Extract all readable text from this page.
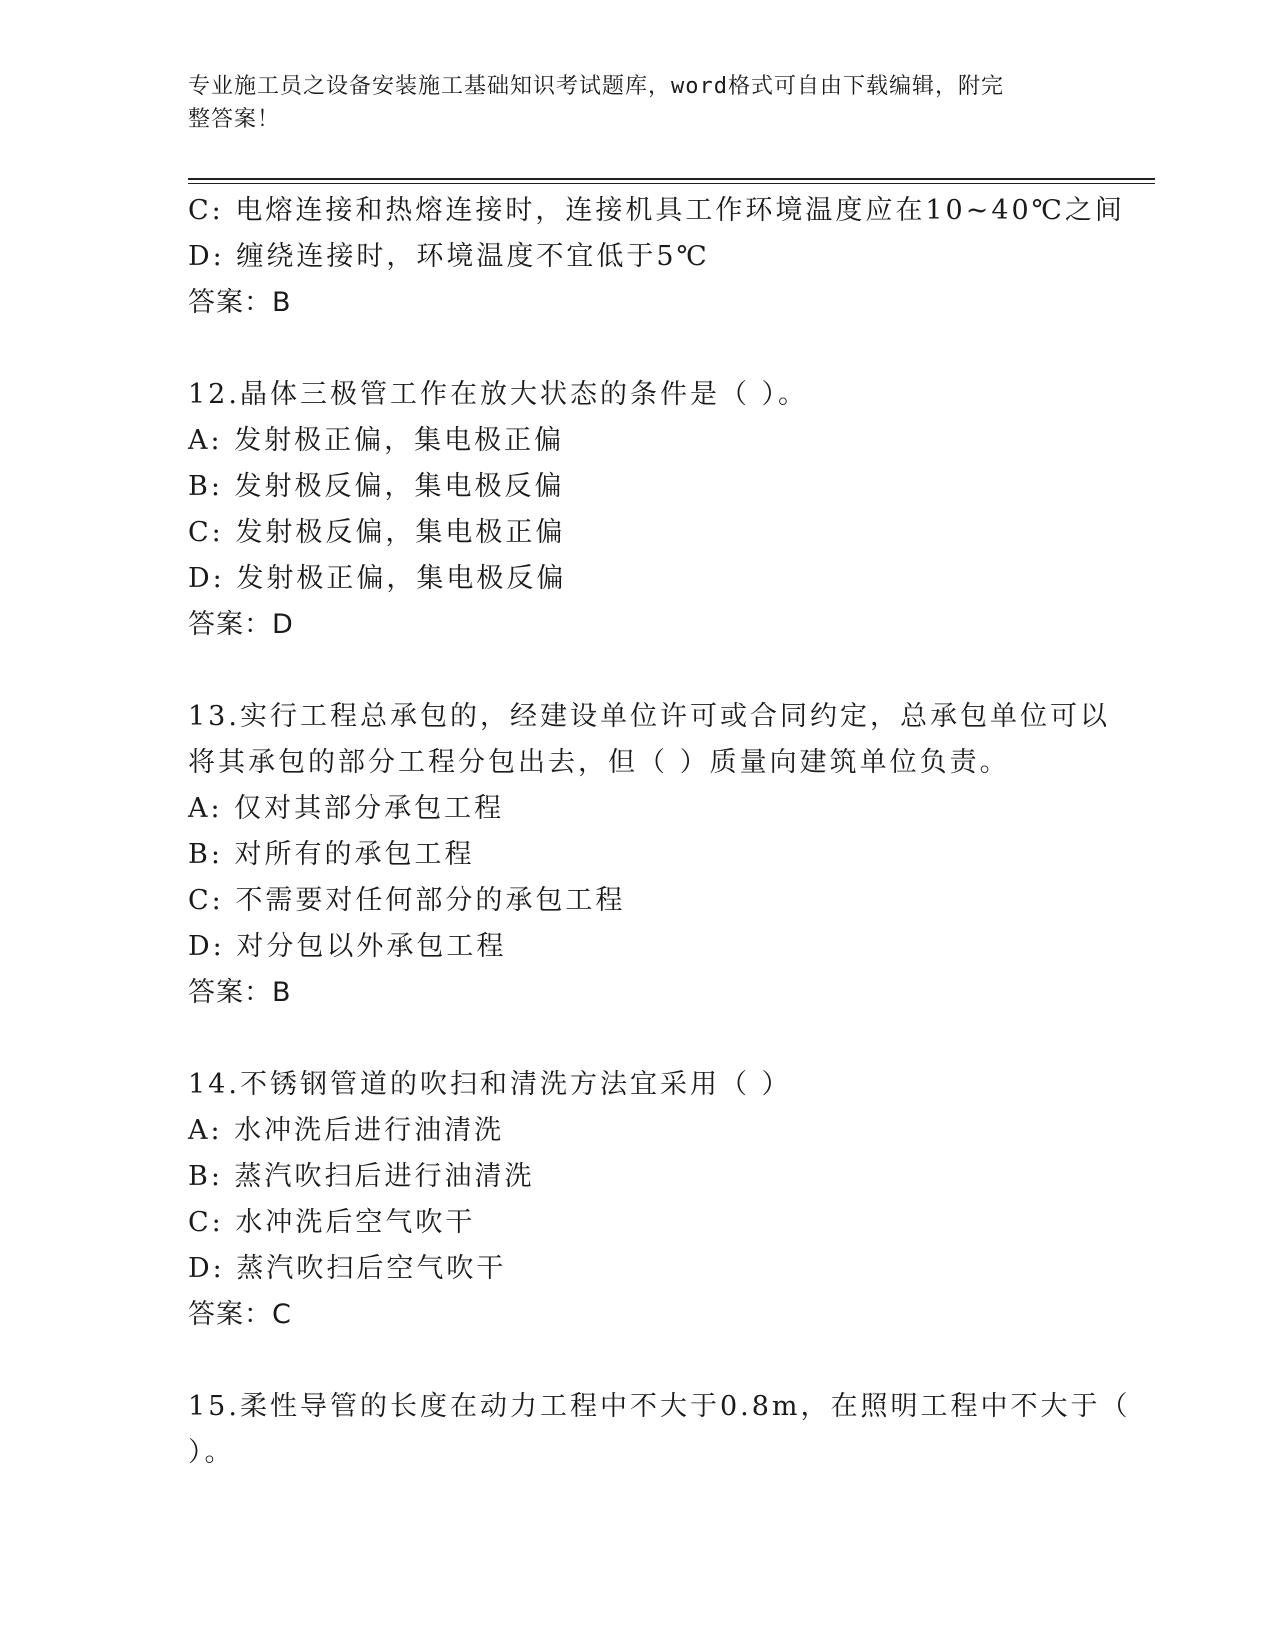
专业施工员之设备安装施工基础知识考试题库，word格式可自由下载编辑，附完
整答案！
C: 电熔连接和热熔连接时，连接机具工作环境温度应在10~40℃之间
D: 缠绕连接时，环境温度不宜低于5℃
答案：B
12.晶体三极管工作在放大状态的条件是（ ）。
A: 发射极正偏，集电极正偏
B: 发射极反偏，集电极反偏
C: 发射极反偏，集电极正偏
D: 发射极正偏，集电极反偏
答案：D
13.实行工程总承包的，经建设单位许可或合同约定，总承包单位可以
将其承包的部分工程分包出去，但（ ）质量向建筑单位负责。
A: 仅对其部分承包工程
B: 对所有的承包工程
C: 不需要对任何部分的承包工程
D: 对分包以外承包工程
答案：B
14.不锈钢管道的吹扫和清洗方法宜采用（ ）
A: 水冲洗后进行油清洗
B: 蒸汽吹扫后进行油清洗
C: 水冲洗后空气吹干
D: 蒸汽吹扫后空气吹干
答案：C
15.柔性导管的长度在动力工程中不大于0.8m，在照明工程中不大于（
）。
